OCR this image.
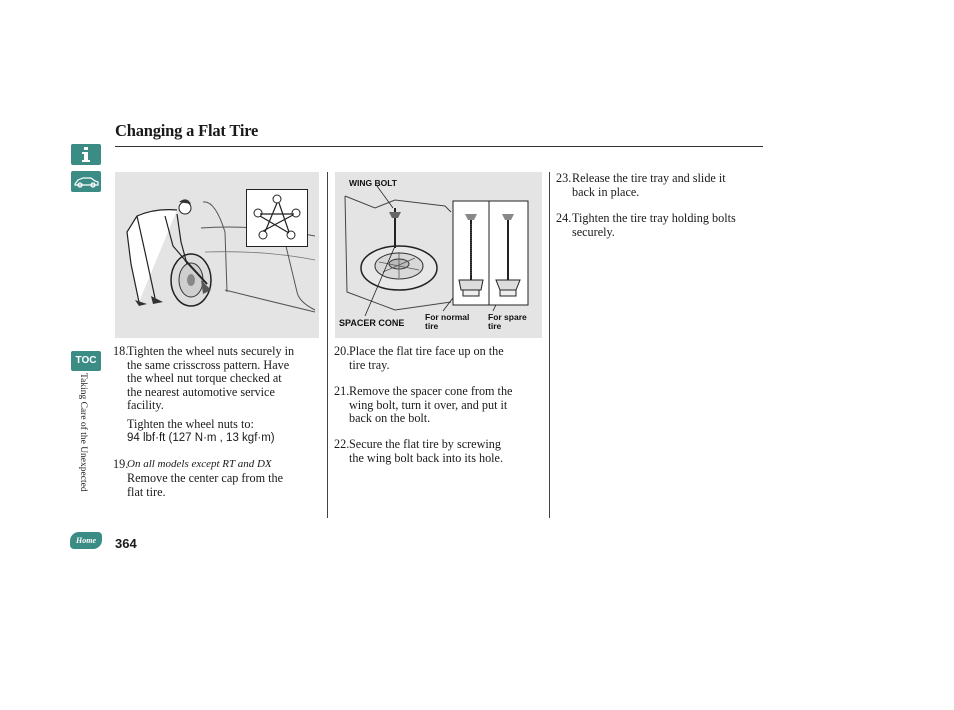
Changing a Flat Tire
TOC
Taking Care of the Unexpected
Home	364
WING BOLT
SPACER CONE
For normal
tire
For spare
tire
18.
Tighten the wheel nuts securely in
the same crisscross pattern. Have
the wheel nut torque checked at
the nearest automotive service
facility.
Tighten the wheel nuts to:
94 lbf·ft (127 N·m , 13 kgf·m)
19.
On all models except RT and DX
Remove the center cap from the
flat tire.
20. Place the flat tire face up on the
tire tray.
21. Remove the spacer cone from the
wing bolt, turn it over, and put it
back on the bolt.
22. Secure the flat tire by screwing
the wing bolt back into its hole.
23. Release the tire tray and slide it
back in place.
24. Tighten the tire tray holding bolts
securely.
